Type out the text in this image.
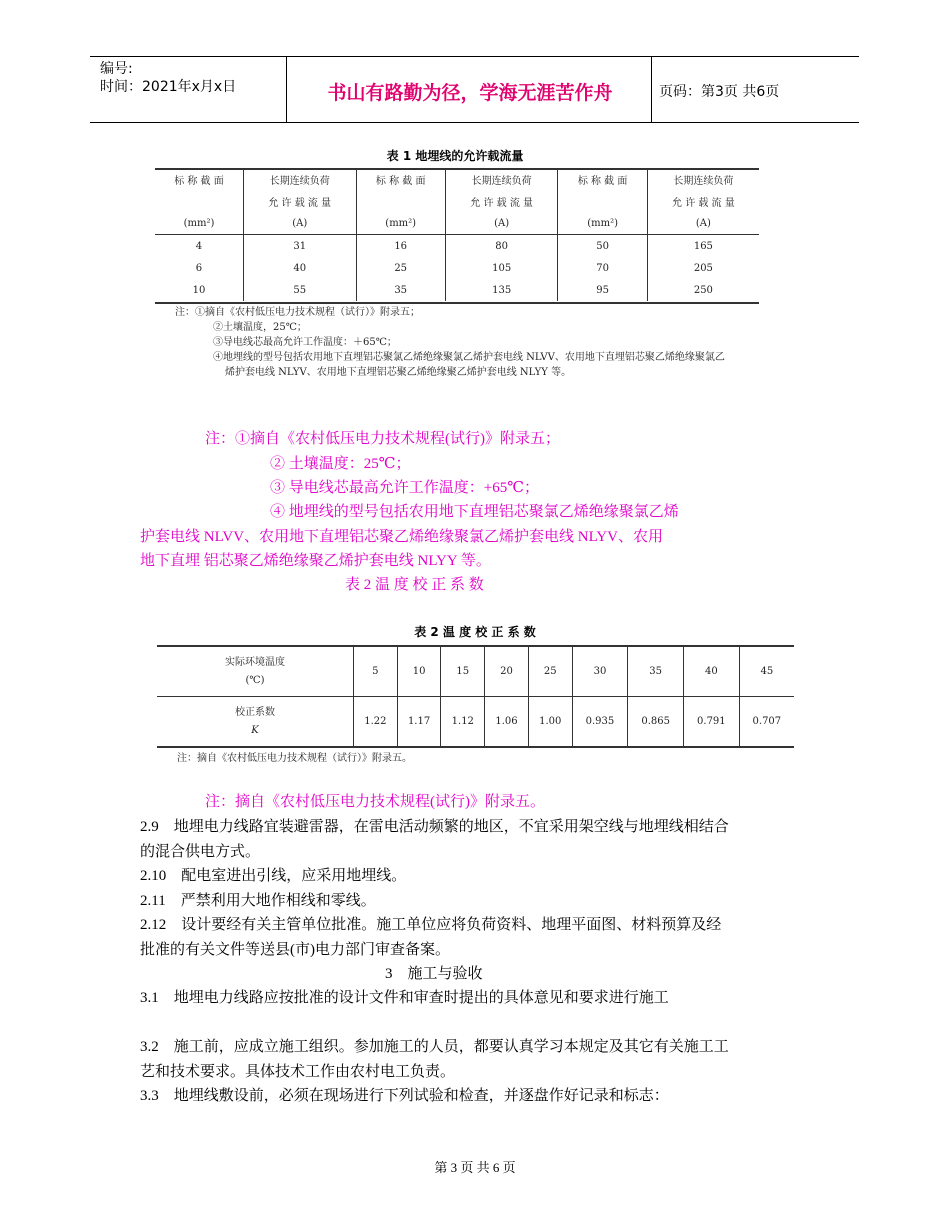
编号:
时间：2021年x月x日	书山有路勤为径，学海无涯苦作舟	页码：第3页 共6页
表 1 地埋线的允许载流量
标 称 截 面	长期连续负荷	标 称 截 面	长期连续负荷	标 称 截 面	长期连续负荷
	允 许 载 流 量		允 许 载 流 量		允 许 载 流 量
(mm²)	(A)	(mm²)	(A)	(mm²)	(A)
4	31	16	80	50	165
6	40	25	105	70	205
10	55	35	135	95	250
注：①摘自《农村低压电力技术规程（试行）》附录五；
②土壤温度，25℃；
③导电线芯最高允许工作温度：＋65℃；
④地埋线的型号包括农用地下直埋铝芯聚氯乙烯绝缘聚氯乙烯护套电线 NLVV、农用地下直埋铝芯聚乙烯绝缘聚氯乙
烯护套电线 NLYV、农用地下直埋铝芯聚乙烯绝缘聚乙烯护套电线 NLYY 等。
注：①摘自《农村低压电力技术规程(试行)》附录五；
② 土壤温度：25℃；
③ 导电线芯最高允许工作温度：+65℃；
④ 地埋线的型号包括农用地下直埋铝芯聚氯乙烯绝缘聚氯乙烯
护套电线 NLVV、农用地下直埋铝芯聚乙烯绝缘聚氯乙烯护套电线 NLYV、农用
地下直埋 铝芯聚乙烯绝缘聚乙烯护套电线 NLYY 等。
表 2 温 度 校 正 系 数
表 2 温 度 校 正 系 数
实际环境温度
(℃)	5	10	15	20	25	30	35	40	45

校正系数
K	1.22	1.17	1.12	1.06	1.00	0.935	0.865	0.791	0.707
注：摘自《农村低压电力技术规程（试行）》附录五。
注：摘自《农村低压电力技术规程(试行)》附录五。
2.9　地埋电力线路宜装避雷器，在雷电活动频繁的地区，不宜采用架空线与地埋线相结合的混合供电方式。
2.10　配电室进出引线，应采用地埋线。
2.11　严禁利用大地作相线和零线。
2.12　设计要经有关主管单位批准。施工单位应将负荷资料、地理平面图、材料预算及经批准的有关文件等送县(市)电力部门审查备案。
3　施工与验收
3.1　地埋电力线路应按批准的设计文件和审查时提出的具体意见和要求进行施工
3.2　施工前，应成立施工组织。参加施工的人员，都要认真学习本规定及其它有关施工工艺和技术要求。具体技术工作由农村电工负责。
3.3　地埋线敷设前，必须在现场进行下列试验和检查，并逐盘作好记录和标志：
第 3 页 共 6 页
